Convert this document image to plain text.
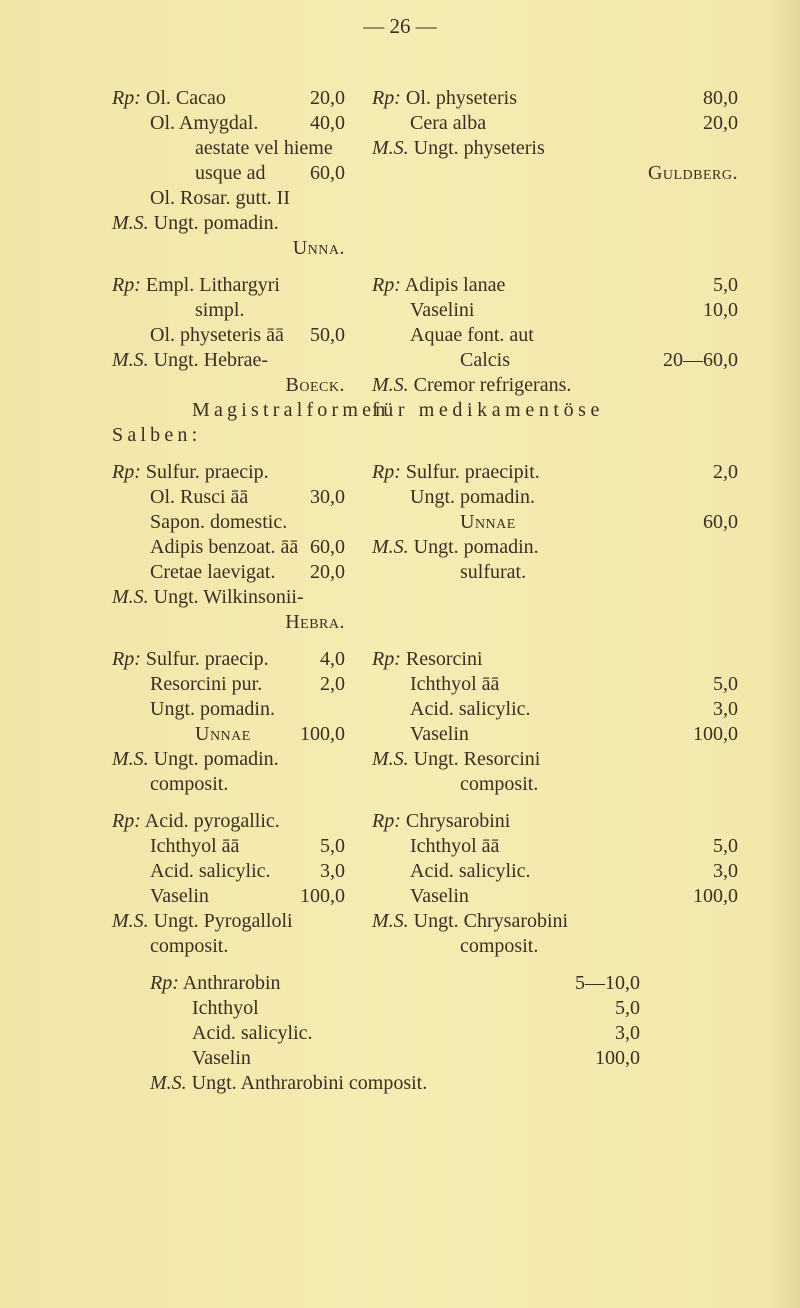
— 26 —
Magistralformen
für medikamentöse
Salben:
Rp: Ol. Cacao	20,0
Ol. Amygdal.	40,0
aestate vel hieme
usque ad 60,0
Ol. Rosar. gutt. II
M.S. Ungt. pomadin.
Unna.
Rp: Empl. Lithargyri
simpl.
Ol. physeteris āā 50,0
M.S. Ungt. Hebrae-
Boeck.
Rp: Sulfur. praecip.
Ol. Rusci āā	30,0
Sapon. domestic.
Adipis benzoat. āā 60,0
Cretae laevigat. 20,0
M.S. Ungt. Wilkinsonii-
Hebra.
Rp: Sulfur. praecip.	4,0
Resorcini pur.	2,0
Ungt. pomadin.
Unnae 100,0
M.S. Ungt. pomadin.
composit.
Rp: Acid. pyrogallic.
Ichthyol āā	5,0
Acid. salicylic. 3,0
Vaselin	100,0
M.S. Ungt. Pyrogalloli
composit.
Rp: Ol. physeteris	80,0
Cera alba	20,0
M.S. Ungt. physeteris
Guldberg.
Rp: Adipis lanae	5,0
Vaselini	10,0
Aquae font. aut
Calcis	20—60,0
M.S. Cremor refrigerans.
Rp: Sulfur. praecipit.	2,0
Ungt. pomadin.
Unnae	60,0
M.S. Ungt. pomadin.
sulfurat.
Rp: Resorcini
Ichthyol āā	5,0
Acid. salicylic.	3,0
Vaselin	100,0
M.S. Ungt. Resorcini
composit.
Rp: Chrysarobini
Ichthyol āā	5,0
Acid. salicylic.	3,0
Vaselin	100,0
M.S. Ungt. Chrysarobini
composit.
Rp: Anthrarobin	5—10,0
Ichthyol	5,0
Acid. salicylic.	3,0
Vaselin	100,0
M.S. Ungt. Anthrarobini composit.
